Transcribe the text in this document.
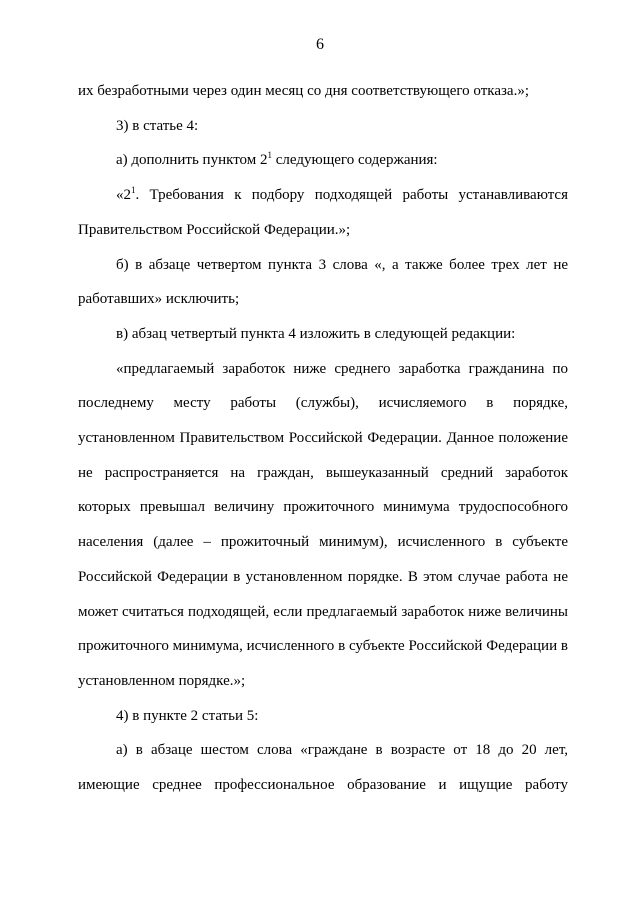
6

их безработными через один месяц со дня соответствующего отказа.»;

3) в статье 4:

а) дополнить пунктом $2^1$ следующего содержания:

«$2^1$. Требования к подбору подходящей работы устанавливаются Правительством Российской Федерации.»;

б) в абзаце четвертом пункта 3 слова «, а также более трех лет не работавших» исключить;

в) абзац четвертый пункта 4 изложить в следующей редакции:

«предлагаемый заработок ниже среднего заработка гражданина по последнему месту работы (службы), исчисляемого в порядке, установленном Правительством Российской Федерации. Данное положение не распространяется на граждан, вышеуказанный средний заработок которых превышал величину прожиточного минимума трудоспособного населения (далее – прожиточный минимум), исчисленного в субъекте Российской Федерации в установленном порядке. В этом случае работа не может считаться подходящей, если предлагаемый заработок ниже величины прожиточного минимума, исчисленного в субъекте Российской Федерации в установленном порядке.»;

4) в пункте 2 статьи 5:

а) в абзаце шестом слова «граждане в возрасте от 18 до 20 лет, имеющие среднее профессиональное образование и ищущие работу
